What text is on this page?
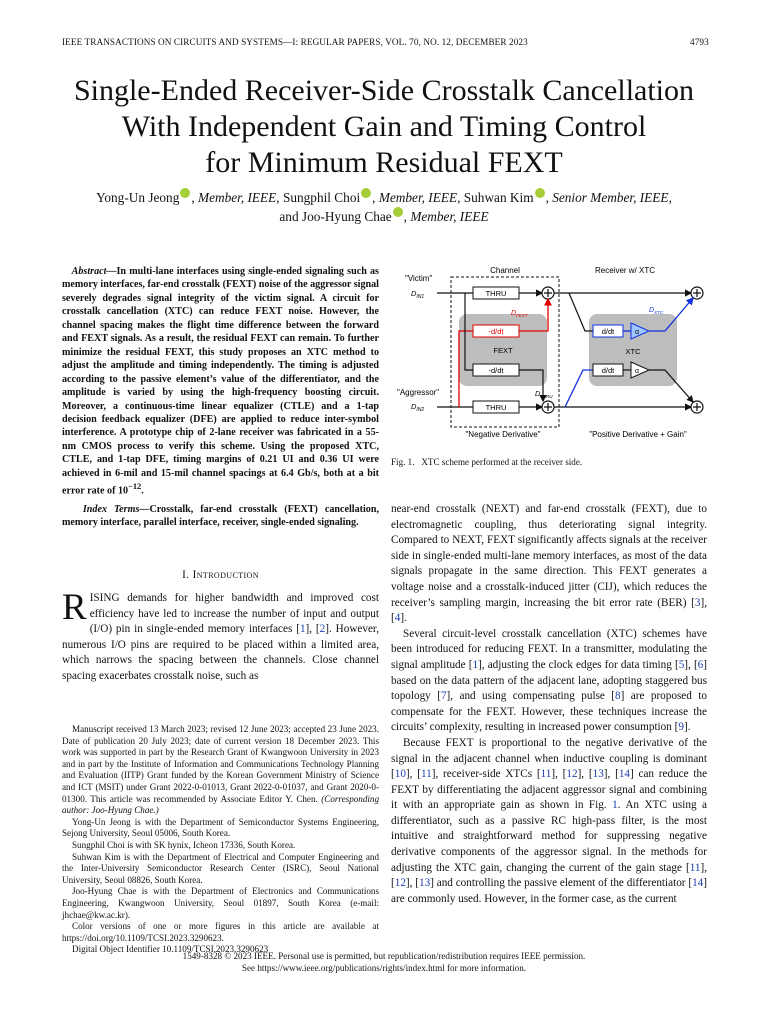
IEEE TRANSACTIONS ON CIRCUITS AND SYSTEMS—I: REGULAR PAPERS, VOL. 70, NO. 12, DECEMBER 2023	4793
Single-Ended Receiver-Side Crosstalk Cancellation
With Independent Gain and Timing Control
for Minimum Residual FEXT
Yong-Un Jeong , Member, IEEE, Sungphil Choi , Member, IEEE, Suhwan Kim , Senior Member, IEEE,
and Joo-Hyung Chae , Member, IEEE
Abstract—In multi-lane interfaces using single-ended signaling such as memory interfaces, far-end crosstalk (FEXT) noise of the aggressor signal severely degrades signal integrity of the victim signal. A circuit for crosstalk cancellation (XTC) can reduce FEXT noise. However, the channel spacing makes the flight time difference between the forward and FEXT signals. As a result, the residual FEXT can remain. To further minimize the residual FEXT, this study proposes an XTC method to adjust the amplitude and timing independently. The timing is adjusted according to the passive element’s value of the differentiator, and the amplitude is varied by using the high-frequency boosting circuit. Moreover, a continuous-time linear equalizer (CTLE) and a 1-tap decision feedback equalizer (DFE) are applied to reduce inter-symbol interference. A prototype chip of 2-lane receiver was fabricated in a 55-nm CMOS process to verify this scheme. Using the proposed XTC, CTLE, and 1-tap DFE, timing margins of 0.21 UI and 0.36 UI were achieved in 6-mil and 15-mil channel spacings at 6.4 Gb/s, both at a bit error rate of $10^{-12}$.
Index Terms—Crosstalk, far-end crosstalk (FEXT) cancellation, memory interface, parallel interface, receiver, single-ended signaling.
I. Introduction
RISING demands for higher bandwidth and improved cost efficiency have led to increase the number of input and output (I/O) pin in single-ended memory interfaces [1], [2]. However, numerous I/O pins are required to be placed within a limited area, which narrows the spacing between the channels. Close channel spacing exacerbates crosstalk noise, such as

Manuscript received 13 March 2023; revised 12 June 2023; accepted 23 June 2023. Date of publication 20 July 2023; date of current version 18 December 2023. This work was supported in part by the Research Grant of Kwangwoon University in 2023 and in part by the Institute of Information and Communications Technology Planning and Evaluation (IITP) Grant funded by the Korean Government Ministry of Science and ICT (MSIT) under Grant 2022-0-01013, Grant 2022-0-01037, and Grant 2020-0-01300. This article was recommended by Associate Editor Y. Chen. (Corresponding author: Joo-Hyung Chae.)

Yong-Un Jeong is with the Department of Semiconductor Systems Engineering, Sejong University, Seoul 05006, South Korea.

Sungphil Choi is with SK hynix, Icheon 17336, South Korea.

Suhwan Kim is with the Department of Electrical and Computer Engineering and the Inter-University Semiconductor Research Center (ISRC), Seoul National University, Seoul 08826, South Korea.

Joo-Hyung Chae is with the Department of Electronics and Communications Engineering, Kwangwoon University, Seoul 01897, South Korea (e-mail: jhchae@kw.ac.kr).

Color versions of one or more figures in this article are available at https://doi.org/10.1109/TCSI.2023.3290623.

Digital Object Identifier 10.1109/TCSI.2023.3290623

Channel	Receiver w/ XTC
"Victim"
$D_{IN1}$
"Aggressor"
$D_{IN2}$
THRU
THRU
-d/dt
$D_{FEXT}$
FEXT
-d/dt
$D_{THRU}$
d/dt	α
$D_{XTC}$
XTC
d/dt	α
"Negative Derivative"	"Positive Derivative + Gain"
Fig. 1. XTC scheme performed at the receiver side.

near-end crosstalk (NEXT) and far-end crosstalk (FEXT), due to electromagnetic coupling, thus deteriorating signal integrity. Compared to NEXT, FEXT significantly affects signals at the receiver side in single-ended multi-lane memory interfaces, as most of the data signals propagate in the same direction. This FEXT generates a voltage noise and a crosstalk-induced jitter (CIJ), which reduces the receiver’s sampling margin, increasing the bit error rate (BER) [3], [4].

Several circuit-level crosstalk cancellation (XTC) schemes have been introduced for reducing FEXT. In a transmitter, modulating the signal amplitude [1], adjusting the clock edges for data timing [5], [6] based on the data pattern of the adjacent lane, adopting staggered bus topology [7], and using compensating pulse [8] are proposed to compensate for the FEXT. However, these techniques increase the circuits’ complexity, resulting in increased power consumption [9].

Because FEXT is proportional to the negative derivative of the signal in the adjacent channel when inductive coupling is dominant [10], [11], receiver-side XTCs [11], [12], [13], [14] can reduce the FEXT by differentiating the adjacent aggressor signal and combining it with an appropriate gain as shown in Fig. 1. An XTC using a differentiator, such as a passive RC high-pass filter, is the most intuitive and straightforward method for suppressing negative derivative components of the aggressor signal. In the methods for adjusting the XTC gain, changing the current of the gain stage [11], [12], [13] and controlling the passive element of the differentiator [14] are commonly used. However, in the former case, as the current

1549-8328 © 2023 IEEE. Personal use is permitted, but republication/redistribution requires IEEE permission.
See https://www.ieee.org/publications/rights/index.html for more information.
